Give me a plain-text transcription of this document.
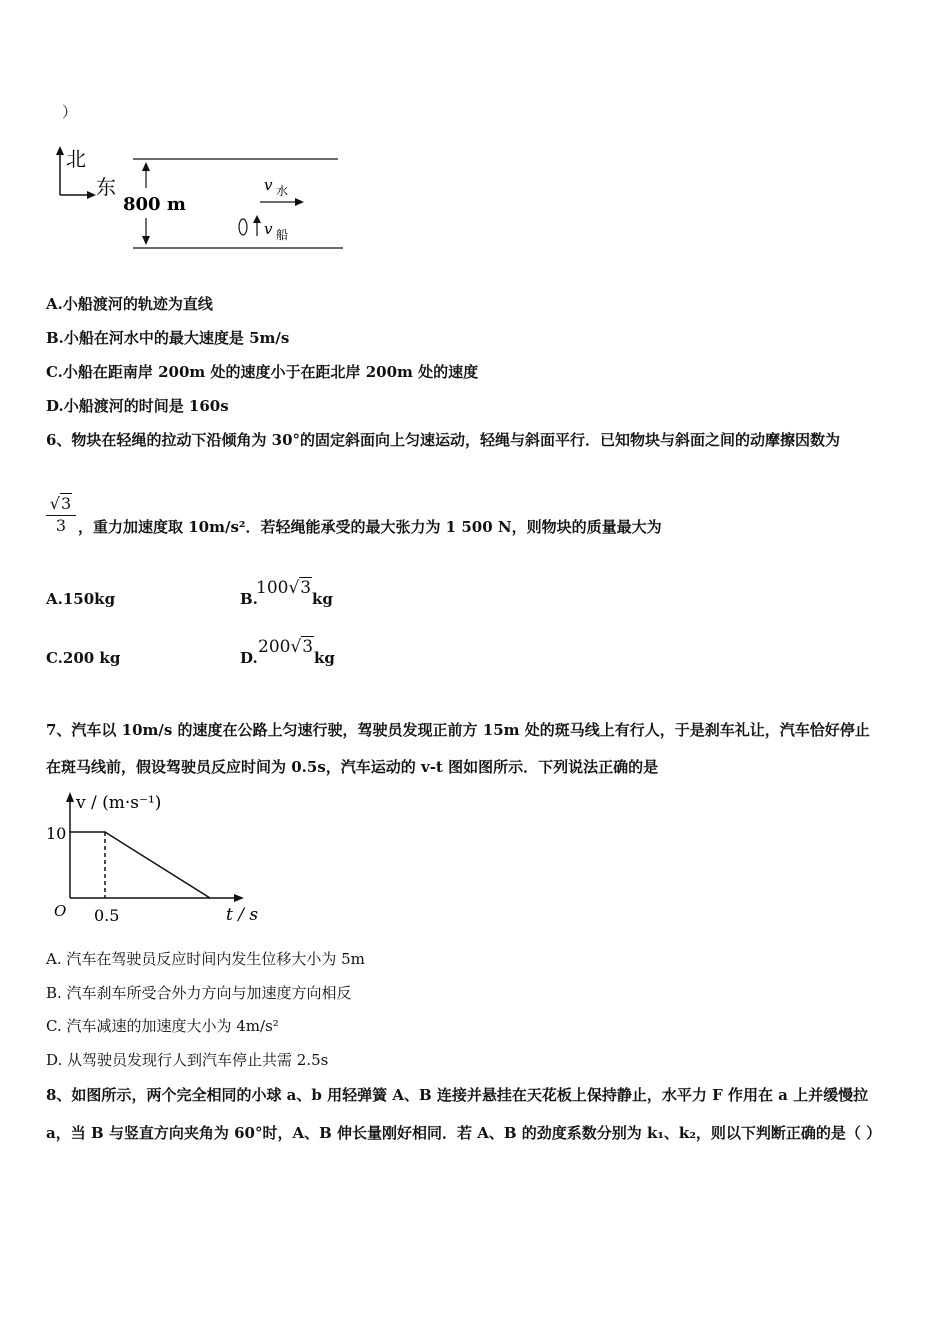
）
北
东
800 m
v 水
v 船
A.小船渡河的轨迹为直线
B.小船在河水中的最大速度是 5m/s
C.小船在距南岸 200m 处的速度小于在距北岸 200m 处的速度
D.小船渡河的时间是 160s
6、物块在轻绳的拉动下沿倾角为 30°的固定斜面向上匀速运动，轻绳与斜面平行．已知物块与斜面之间的动摩擦因数为
$\frac{√3}{3}$ ，重力加速度取 10m/s²．若轻绳能承受的最大张力为 1 500 N，则物块的质量最大为
A.150kg	B.
100√3
kg
C.200 kg	D.
200√3
kg
7、汽车以 10m/s 的速度在公路上匀速行驶，驾驶员发现正前方 15m 处的斑马线上有行人，于是刹车礼让，汽车恰好停止
在斑马线前，假设驾驶员反应时间为 0.5s，汽车运动的 v-t 图如图所示．下列说法正确的是
v / (m·s⁻¹)
t / s
O
10
0.5
A. 汽车在驾驶员反应时间内发生位移大小为 5m
B. 汽车刹车所受合外力方向与加速度方向相反
C. 汽车减速的加速度大小为 4m/s²
D. 从驾驶员发现行人到汽车停止共需 2.5s
8、如图所示，两个完全相同的小球 a、b 用轻弹簧 A、B 连接并悬挂在天花板上保持静止，水平力 F 作用在 a 上并缓慢拉
a，当 B 与竖直方向夹角为 60°时，A、B 伸长量刚好相同．若 A、B 的劲度系数分别为 k₁、k₂，则以下判断正确的是（ ）
